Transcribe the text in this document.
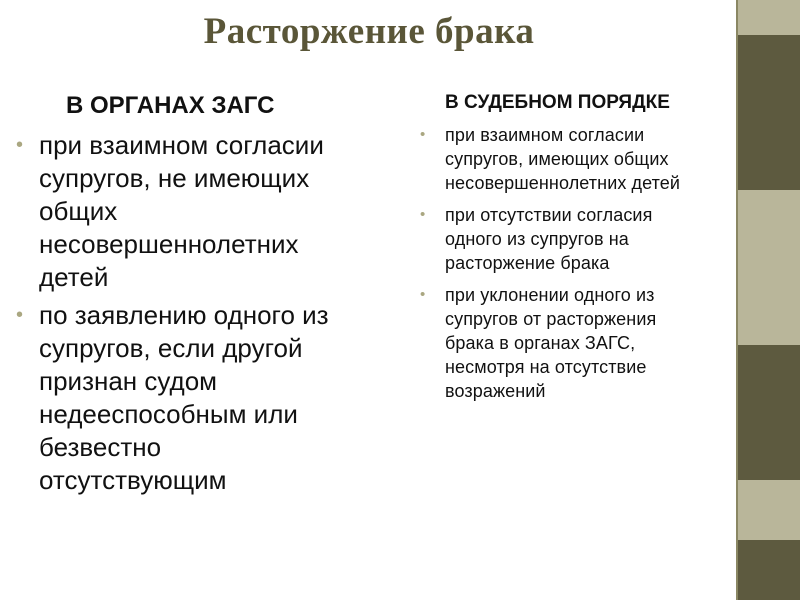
Расторжение брака
В ОРГАНАХ ЗАГС
• при взаимном согласии
супругов, не имеющих
общих
несовершеннолетних
детей
• по заявлению одного из
супругов, если другой
признан судом
недееспособным или
безвестно
отсутствующим
В СУДЕБНОМ ПОРЯДКЕ
• при взаимном согласии
супругов, имеющих общих
несовершеннолетних детей
• при отсутствии согласия
одного из супругов на
расторжение брака
• при уклонении одного из
супругов от расторжения
брака в органах ЗАГС,
несмотря на отсутствие
возражений
